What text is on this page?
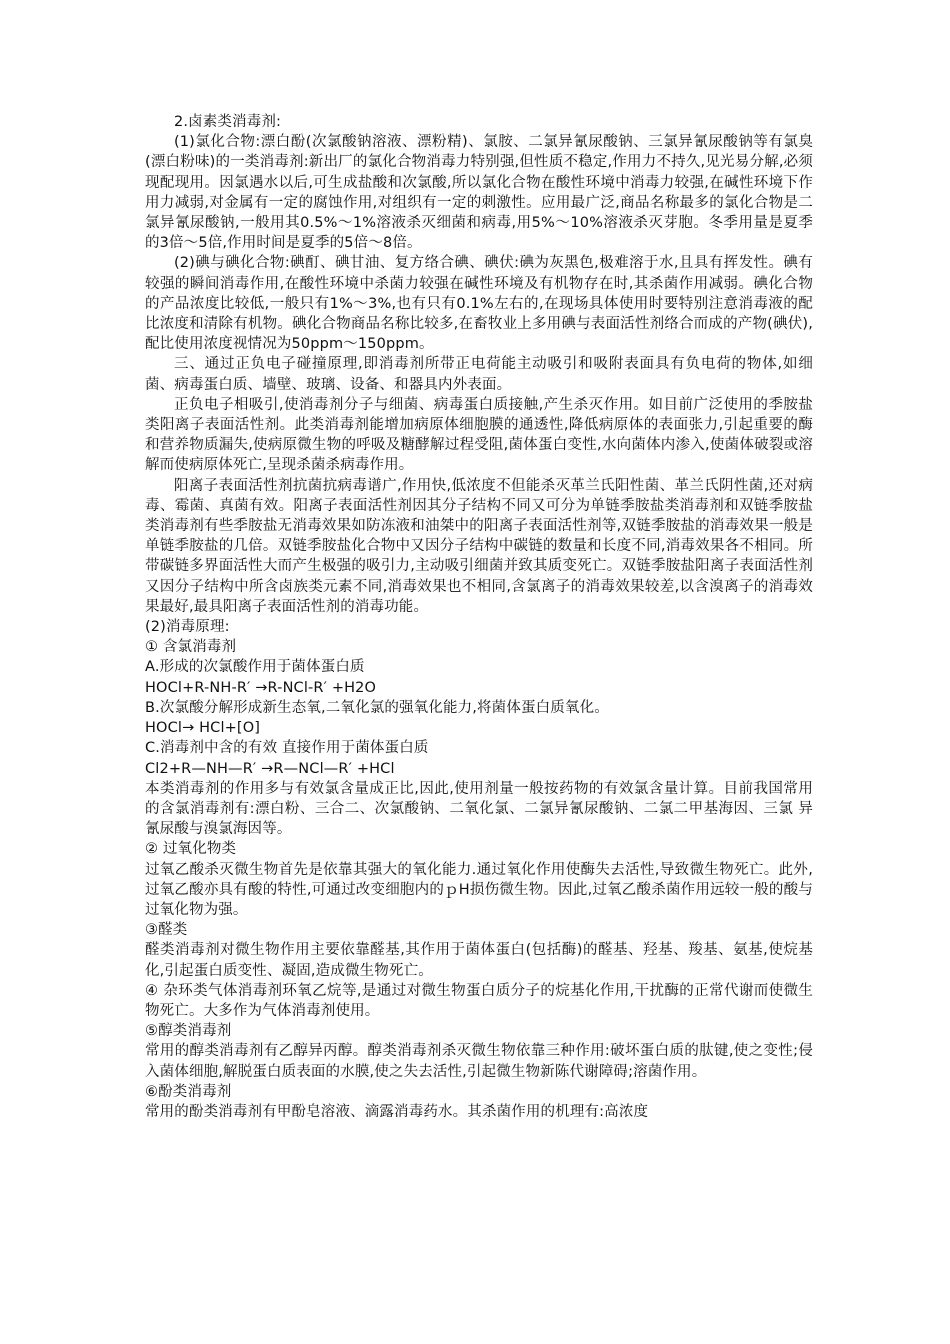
2.卤素类消毒剂:

(1)氯化合物:漂白酚(次氯酸钠溶液、漂粉精)、氯胺、二氯异氰尿酸钠、三氯异氰尿酸钠等有氯臭(漂白粉味)的一类消毒剂:新出厂的氯化合物消毒力特别强,但性质不稳定,作用力不持久,见光易分解,必须现配现用。因氯遇水以后,可生成盐酸和次氯酸,所以氯化合物在酸性环境中消毒力较强,在碱性环境下作用力减弱,对金属有一定的腐蚀作用,对组织有一定的刺激性。应用最广泛,商品名称最多的氯化合物是二氯异氰尿酸钠,一般用其0.5%～1%溶液杀灭细菌和病毒,用5%～10%溶液杀灭芽胞。冬季用量是夏季的3倍～5倍,作用时间是夏季的5倍～8倍。

(2)碘与碘化合物:碘酊、碘甘油、复方络合碘、碘伏:碘为灰黑色,极难溶于水,且具有挥发性。碘有较强的瞬间消毒作用,在酸性环境中杀菌力较强在碱性环境及有机物存在时,其杀菌作用减弱。碘化合物的产品浓度比较低,一般只有1%～3%,也有只有0.1%左右的,在现场具体使用时要特别注意消毒液的配比浓度和清除有机物。碘化合物商品名称比较多,在畜牧业上多用碘与表面活性剂络合而成的产物(碘伏),配比使用浓度视情况为50ppm～150ppm。

三、通过正负电子碰撞原理,即消毒剂所带正电荷能主动吸引和吸附表面具有负电荷的物体,如细菌、病毒蛋白质、墙壁、玻璃、设备、和器具内外表面。

正负电子相吸引,使消毒剂分子与细菌、病毒蛋白质接触,产生杀灭作用。如目前广泛使用的季胺盐类阳离子表面活性剂。此类消毒剂能增加病原体细胞膜的通透性,降低病原体的表面张力,引起重要的酶和营养物质漏失,使病原微生物的呼吸及糖酵解过程受阻,菌体蛋白变性,水向菌体内渗入,使菌体破裂或溶解而使病原体死亡,呈现杀菌杀病毒作用。

阳离子表面活性剂抗菌抗病毒谱广,作用快,低浓度不但能杀灭革兰氏阳性菌、革兰氏阴性菌,还对病毒、霉菌、真菌有效。阳离子表面活性剂因其分子结构不同又可分为单链季胺盐类消毒剂和双链季胺盐类消毒剂有些季胺盐无消毒效果如防冻液和油桀中的阳离子表面活性剂等,双链季胺盐的消毒效果一般是单链季胺盐的几倍。双链季胺盐化合物中又因分子结构中碳链的数量和长度不同,消毒效果各不相同。所带碳链多界面活性大而产生极强的吸引力,主动吸引细菌并致其质变死亡。双链季胺盐阳离子表面活性剂又因分子结构中所含卤族类元素不同,消毒效果也不相同,含氯离子的消毒效果较差,以含溴离子的消毒效果最好,最具阳离子表面活性剂的消毒功能。

(2)消毒原理:

① 含氯消毒剂

A.形成的次氯酸作用于菌体蛋白质

HOCl+R-NH-R′ →R-NCl-R′ +H2O

B.次氯酸分解形成新生态氧,二氧化氯的强氧化能力,将菌体蛋白质氧化。

HOCl→ HCl+[O]

C.消毒剂中含的有效 直接作用于菌体蛋白质

Cl2+R—NH—R′ →R—NCl—R′ +HCl

本类消毒剂的作用多与有效氯含量成正比,因此,使用剂量一般按药物的有效氯含量计算。目前我国常用的含氯消毒剂有:漂白粉、三合二、次氯酸钠、二氧化氯、二氯异氰尿酸钠、二氯二甲基海因、三氯 异氰尿酸与溴氯海因等。

② 过氧化物类

过氧乙酸杀灭微生物首先是依靠其强大的氧化能力.通过氧化作用使酶失去活性,导致微生物死亡。此外,过氧乙酸亦具有酸的特性,可通过改变细胞内的ｐH损伤微生物。因此,过氧乙酸杀菌作用远较一般的酸与过氧化物为强。

③醛类

醛类消毒剂对微生物作用主要依靠醛基,其作用于菌体蛋白(包括酶)的醛基、羟基、羧基、氨基,使烷基化,引起蛋白质变性、凝固,造成微生物死亡。

④ 杂环类气体消毒剂环氧乙烷等,是通过对微生物蛋白质分子的烷基化作用,干扰酶的正常代谢而使微生物死亡。大多作为气体消毒剂使用。

⑤醇类消毒剂

常用的醇类消毒剂有乙醇异丙醇。醇类消毒剂杀灭微生物依靠三种作用:破坏蛋白质的肽键,使之变性;侵入菌体细胞,解脱蛋白质表面的水膜,使之失去活性,引起微生物新陈代谢障碍;溶菌作用。

⑥酚类消毒剂

常用的酚类消毒剂有甲酚皂溶液、滴露消毒药水。其杀菌作用的机理有:高浓度
